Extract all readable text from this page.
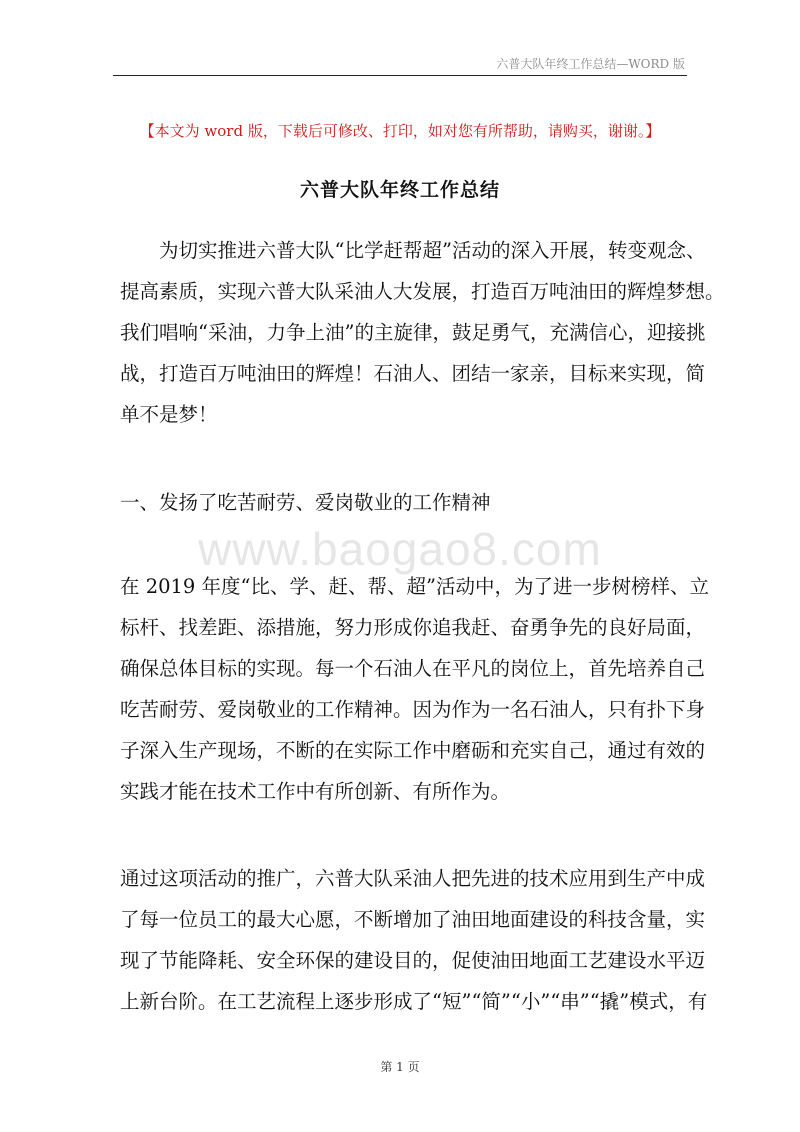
六普大队年终工作总结—WORD 版
【本文为 word 版，下载后可修改、打印，如对您有所帮助，请购买，谢谢。】
六普大队年终工作总结
为切实推进六普大队“比学赶帮超”活动的深入开展，转变观念、
提高素质，实现六普大队采油人大发展，打造百万吨油田的辉煌梦想。
我们唱响“采油，力争上油”的主旋律，鼓足勇气，充满信心，迎接挑
战，打造百万吨油田的辉煌！石油人、团结一家亲，目标来实现，简
单不是梦！
一、发扬了吃苦耐劳、爱岗敬业的工作精神
www.baogao8.com
在 2019 年度“比、学、赶、帮、超”活动中，为了进一步树榜样、立
标杆、找差距、添措施，努力形成你追我赶、奋勇争先的良好局面，
确保总体目标的实现。每一个石油人在平凡的岗位上，首先培养自己
吃苦耐劳、爱岗敬业的工作精神。因为作为一名石油人，只有扑下身
子深入生产现场，不断的在实际工作中磨砺和充实自己，通过有效的
实践才能在技术工作中有所创新、有所作为。
通过这项活动的推广，六普大队采油人把先进的技术应用到生产中成
了每一位员工的最大心愿，不断增加了油田地面建设的科技含量，实
现了节能降耗、安全环保的建设目的，促使油田地面工艺建设水平迈
上新台阶。在工艺流程上逐步形成了“短”“简”“小”“串”“撬”模式，有
第 1 页
